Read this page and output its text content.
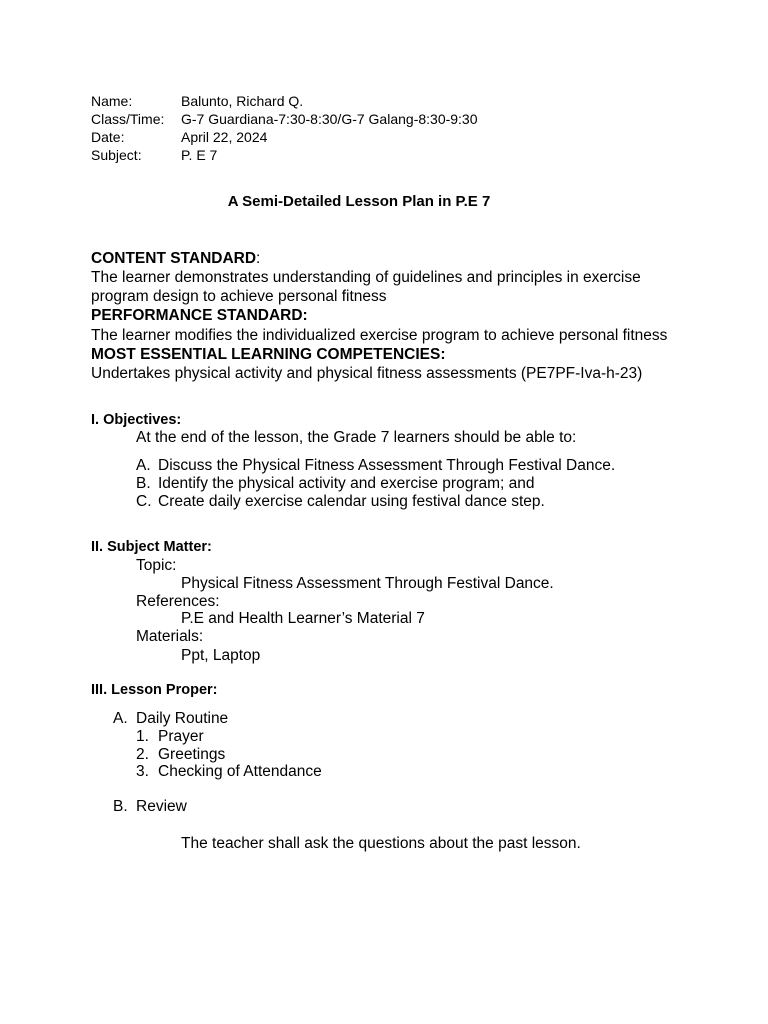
Name:	Balunto, Richard Q.
Class/Time: G-7 Guardiana-7:30-8:30/G-7 Galang-8:30-9:30
Date:	April 22, 2024
Subject:	P. E 7
A Semi-Detailed Lesson Plan in P.E 7
CONTENT STANDARD:
The learner demonstrates understanding of guidelines and principles in exercise
program design to achieve personal fitness
PERFORMANCE STANDARD:
The learner modifies the individualized exercise program to achieve personal fitness
MOST ESSENTIAL LEARNING COMPETENCIES:
Undertakes physical activity and physical fitness assessments (PE7PF-Iva-h-23)
I. Objectives:
At the end of the lesson, the Grade 7 learners should be able to:
A. Discuss the Physical Fitness Assessment Through Festival Dance.
B. Identify the physical activity and exercise program; and
C. Create daily exercise calendar using festival dance step.
II. Subject Matter:
Topic:
Physical Fitness Assessment Through Festival Dance.
References:
P.E and Health Learner’s Material 7
Materials:
Ppt, Laptop
III. Lesson Proper:
A. Daily Routine
1. Prayer
2. Greetings
3. Checking of Attendance
B. Review
The teacher shall ask the questions about the past lesson.
